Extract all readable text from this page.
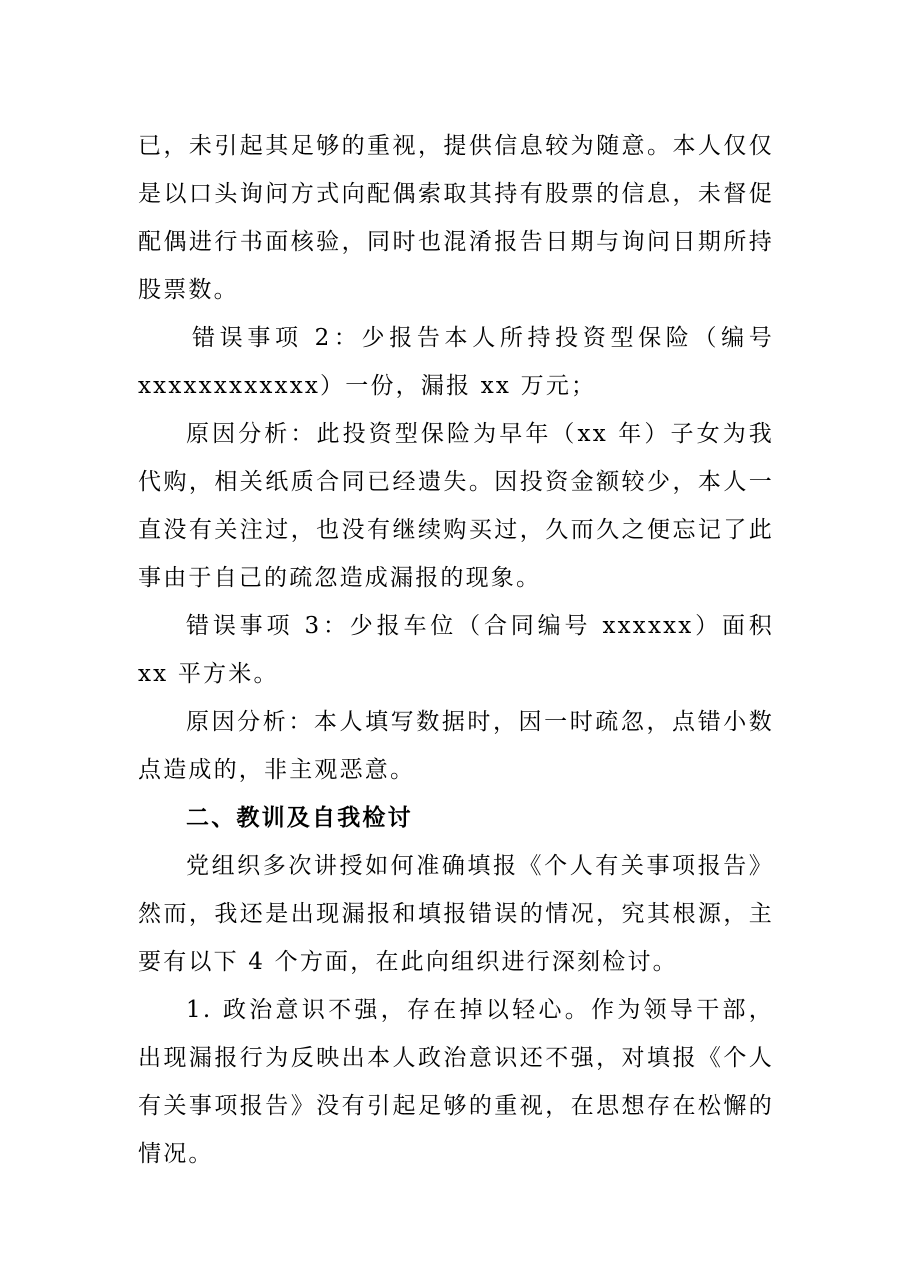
已，未引起其足够的重视，提供信息较为随意。本人仅仅是以口头询问方式向配偶索取其持有股票的信息，未督促配偶进行书面核验，同时也混淆报告日期与询问日期所持股票数。

错误事项 2：少报告本人所持投资型保险（编号 xxxxxxxxxxxx）一份，漏报 xx 万元；

原因分析：此投资型保险为早年（xx 年）子女为我代购，相关纸质合同已经遗失。因投资金额较少，本人一直没有关注过，也没有继续购买过，久而久之便忘记了此事由于自己的疏忽造成漏报的现象。

错误事项 3：少报车位（合同编号 xxxxxx）面积 xx 平方米。

原因分析：本人填写数据时，因一时疏忽，点错小数点造成的，非主观恶意。

二、教训及自我检讨

党组织多次讲授如何准确填报《个人有关事项报告》然而，我还是出现漏报和填报错误的情况，究其根源，主要有以下 4 个方面，在此向组织进行深刻检讨。

1. 政治意识不强，存在掉以轻心。作为领导干部，出现漏报行为反映出本人政治意识还不强，对填报《个人有关事项报告》没有引起足够的重视，在思想存在松懈的情况。
